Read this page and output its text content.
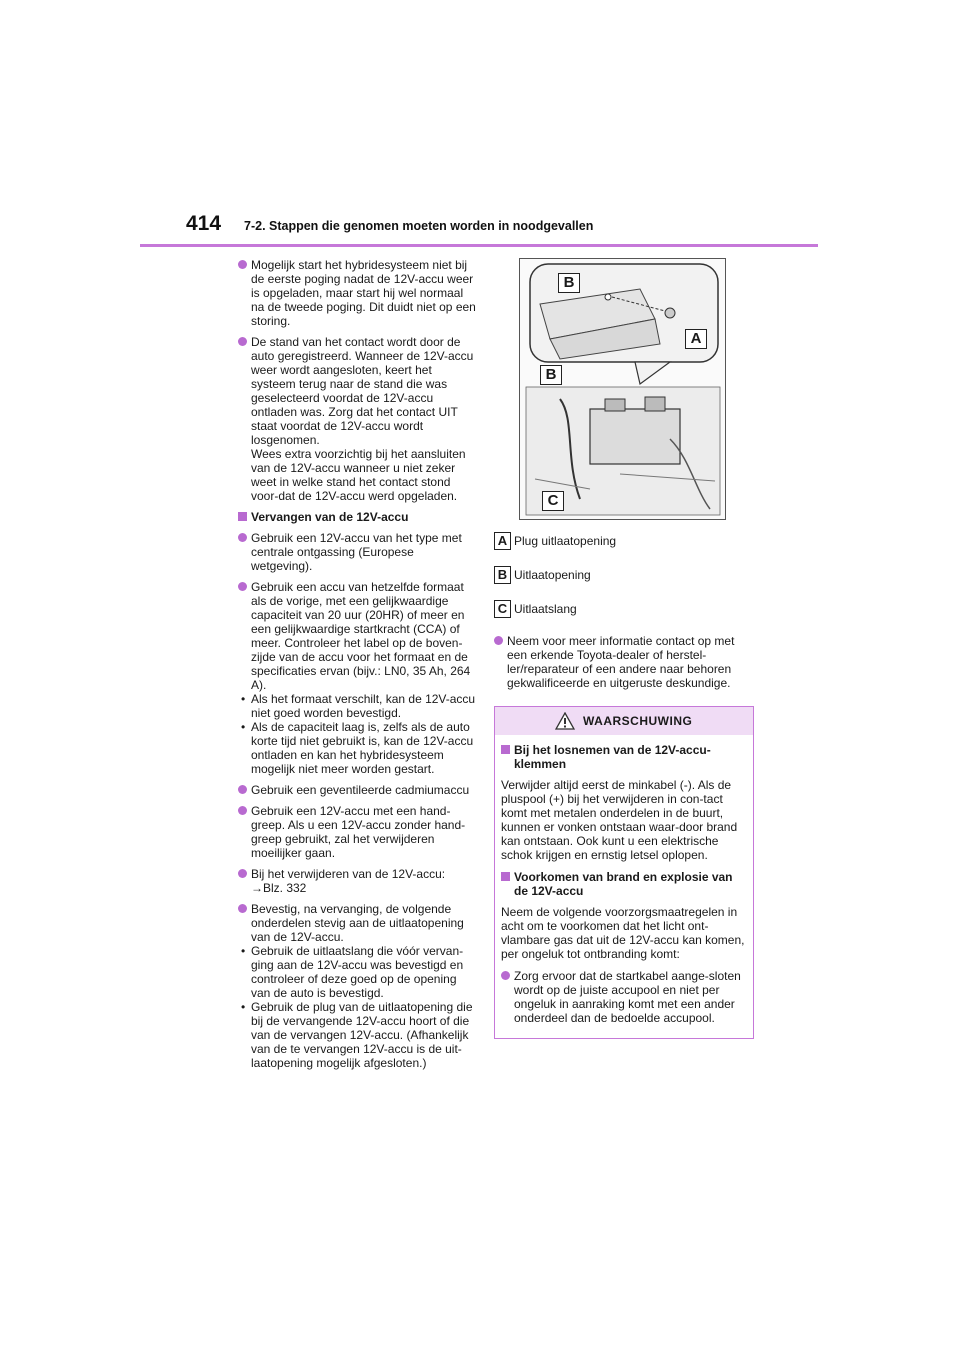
414 7-2. Stappen die genomen moeten worden in noodgevallen
Mogelijk start het hybridesysteem niet bij de eerste poging nadat de 12V-accu weer is opgeladen, maar start hij wel normaal na de tweede poging. Dit duidt niet op een storing.
De stand van het contact wordt door de auto geregistreerd. Wanneer de 12V-accu weer wordt aangesloten, keert het systeem terug naar de stand die was geselecteerd voordat de 12V-accu ontladen was. Zorg dat het contact UIT staat voordat de 12V-accu wordt losgenomen.
Wees extra voorzichtig bij het aansluiten van de 12V-accu wanneer u niet zeker weet in welke stand het contact stond voor-dat de 12V-accu werd opgeladen.
Vervangen van de 12V-accu
Gebruik een 12V-accu van het type met centrale ontgassing (Europese wetgeving).
Gebruik een accu van hetzelfde formaat als de vorige, met een gelijkwaardige capaciteit van 20 uur (20HR) of meer en een gelijkwaardige startkracht (CCA) of meer. Controleer het label op de boven-zijde van de accu voor het formaat en de specificaties ervan (bijv.: LN0, 35 Ah, 264 A).
• Als het formaat verschilt, kan de 12V-accu niet goed worden bevestigd.
• Als de capaciteit laag is, zelfs als de auto korte tijd niet gebruikt is, kan de 12V-accu ontladen en kan het hybridesysteem mogelijk niet meer worden gestart.
Gebruik een geventileerde cadmiumaccu
Gebruik een 12V-accu met een hand-greep. Als u een 12V-accu zonder hand-greep gebruikt, zal het verwijderen moeilijker gaan.
Bij het verwijderen van de 12V-accu:
→Blz. 332
Bevestig, na vervanging, de volgende onderdelen stevig aan de uitlaatopening van de 12V-accu.
• Gebruik de uitlaatslang die vóór vervan-ging aan de 12V-accu was bevestigd en controleer of deze goed op de opening van de auto is bevestigd.
• Gebruik de plug van de uitlaatopening die bij de vervangende 12V-accu hoort of die van de vervangen 12V-accu. (Afhankelijk van de te vervangen 12V-accu is de uit-laatopening mogelijk afgesloten.)
B
A
B
C
A Plug uitlaatopening
B Uitlaatopening
C Uitlaatslang
Neem voor meer informatie contact op met een erkende Toyota-dealer of herstel-ler/reparateur of een andere naar behoren gekwalificeerde en uitgeruste deskundige.
WAARSCHUWING
Bij het losnemen van de 12V-accu-klemmen
Verwijder altijd eerst de minkabel (-). Als de pluspool (+) bij het verwijderen in con-tact komt met metalen onderdelen in de buurt, kunnen er vonken ontstaan waar-door brand kan ontstaan. Ook kunt u een elektrische schok krijgen en ernstig letsel oplopen.
Voorkomen van brand en explosie van de 12V-accu
Neem de volgende voorzorgsmaatregelen in acht om te voorkomen dat het licht ont-vlambare gas dat uit de 12V-accu kan komen, per ongeluk tot ontbranding komt:
Zorg ervoor dat de startkabel aange-sloten wordt op de juiste accupool en niet per ongeluk in aanraking komt met een ander onderdeel dan de bedoelde accupool.
